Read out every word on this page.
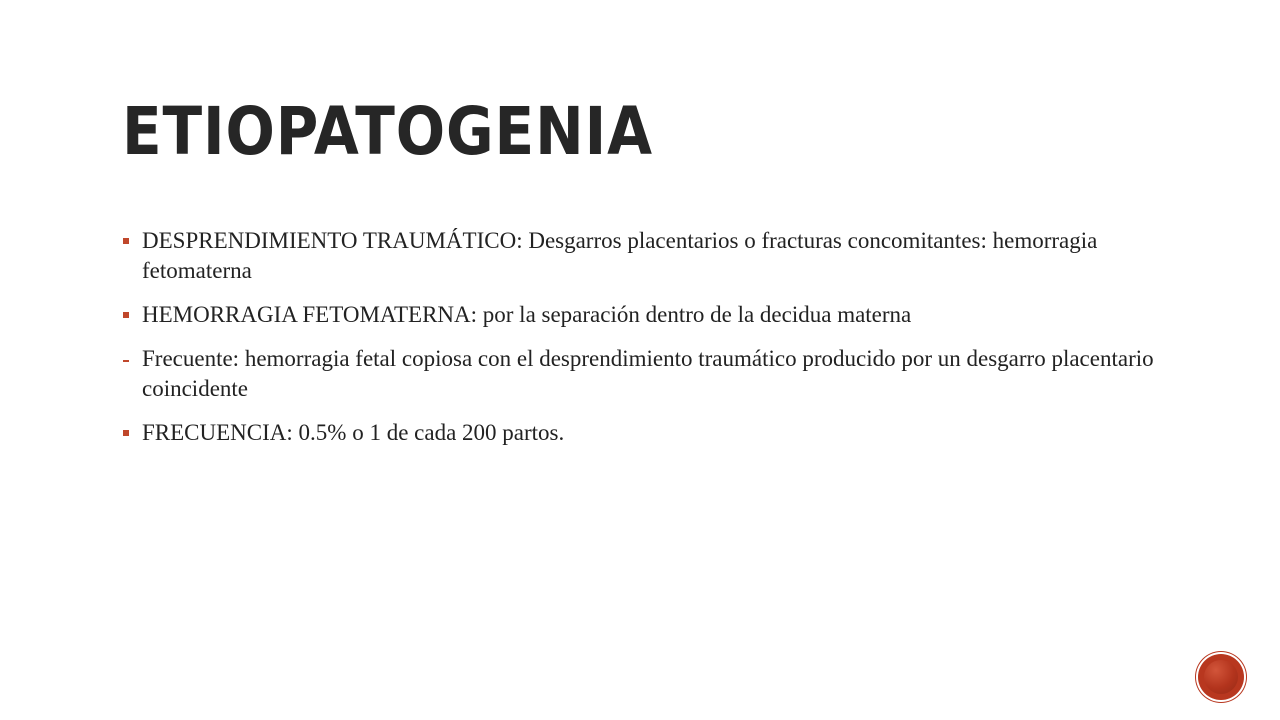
ETIOPATOGENIA
DESPRENDIMIENTO TRAUMÁTICO: Desgarros placentarios o fracturas concomitantes: hemorragia fetomaterna
HEMORRAGIA FETOMATERNA: por la separación dentro de la decidua materna
Frecuente: hemorragia fetal copiosa con el desprendimiento traumático producido por un desgarro placentario coincidente
FRECUENCIA: 0.5% o 1 de cada 200 partos.
